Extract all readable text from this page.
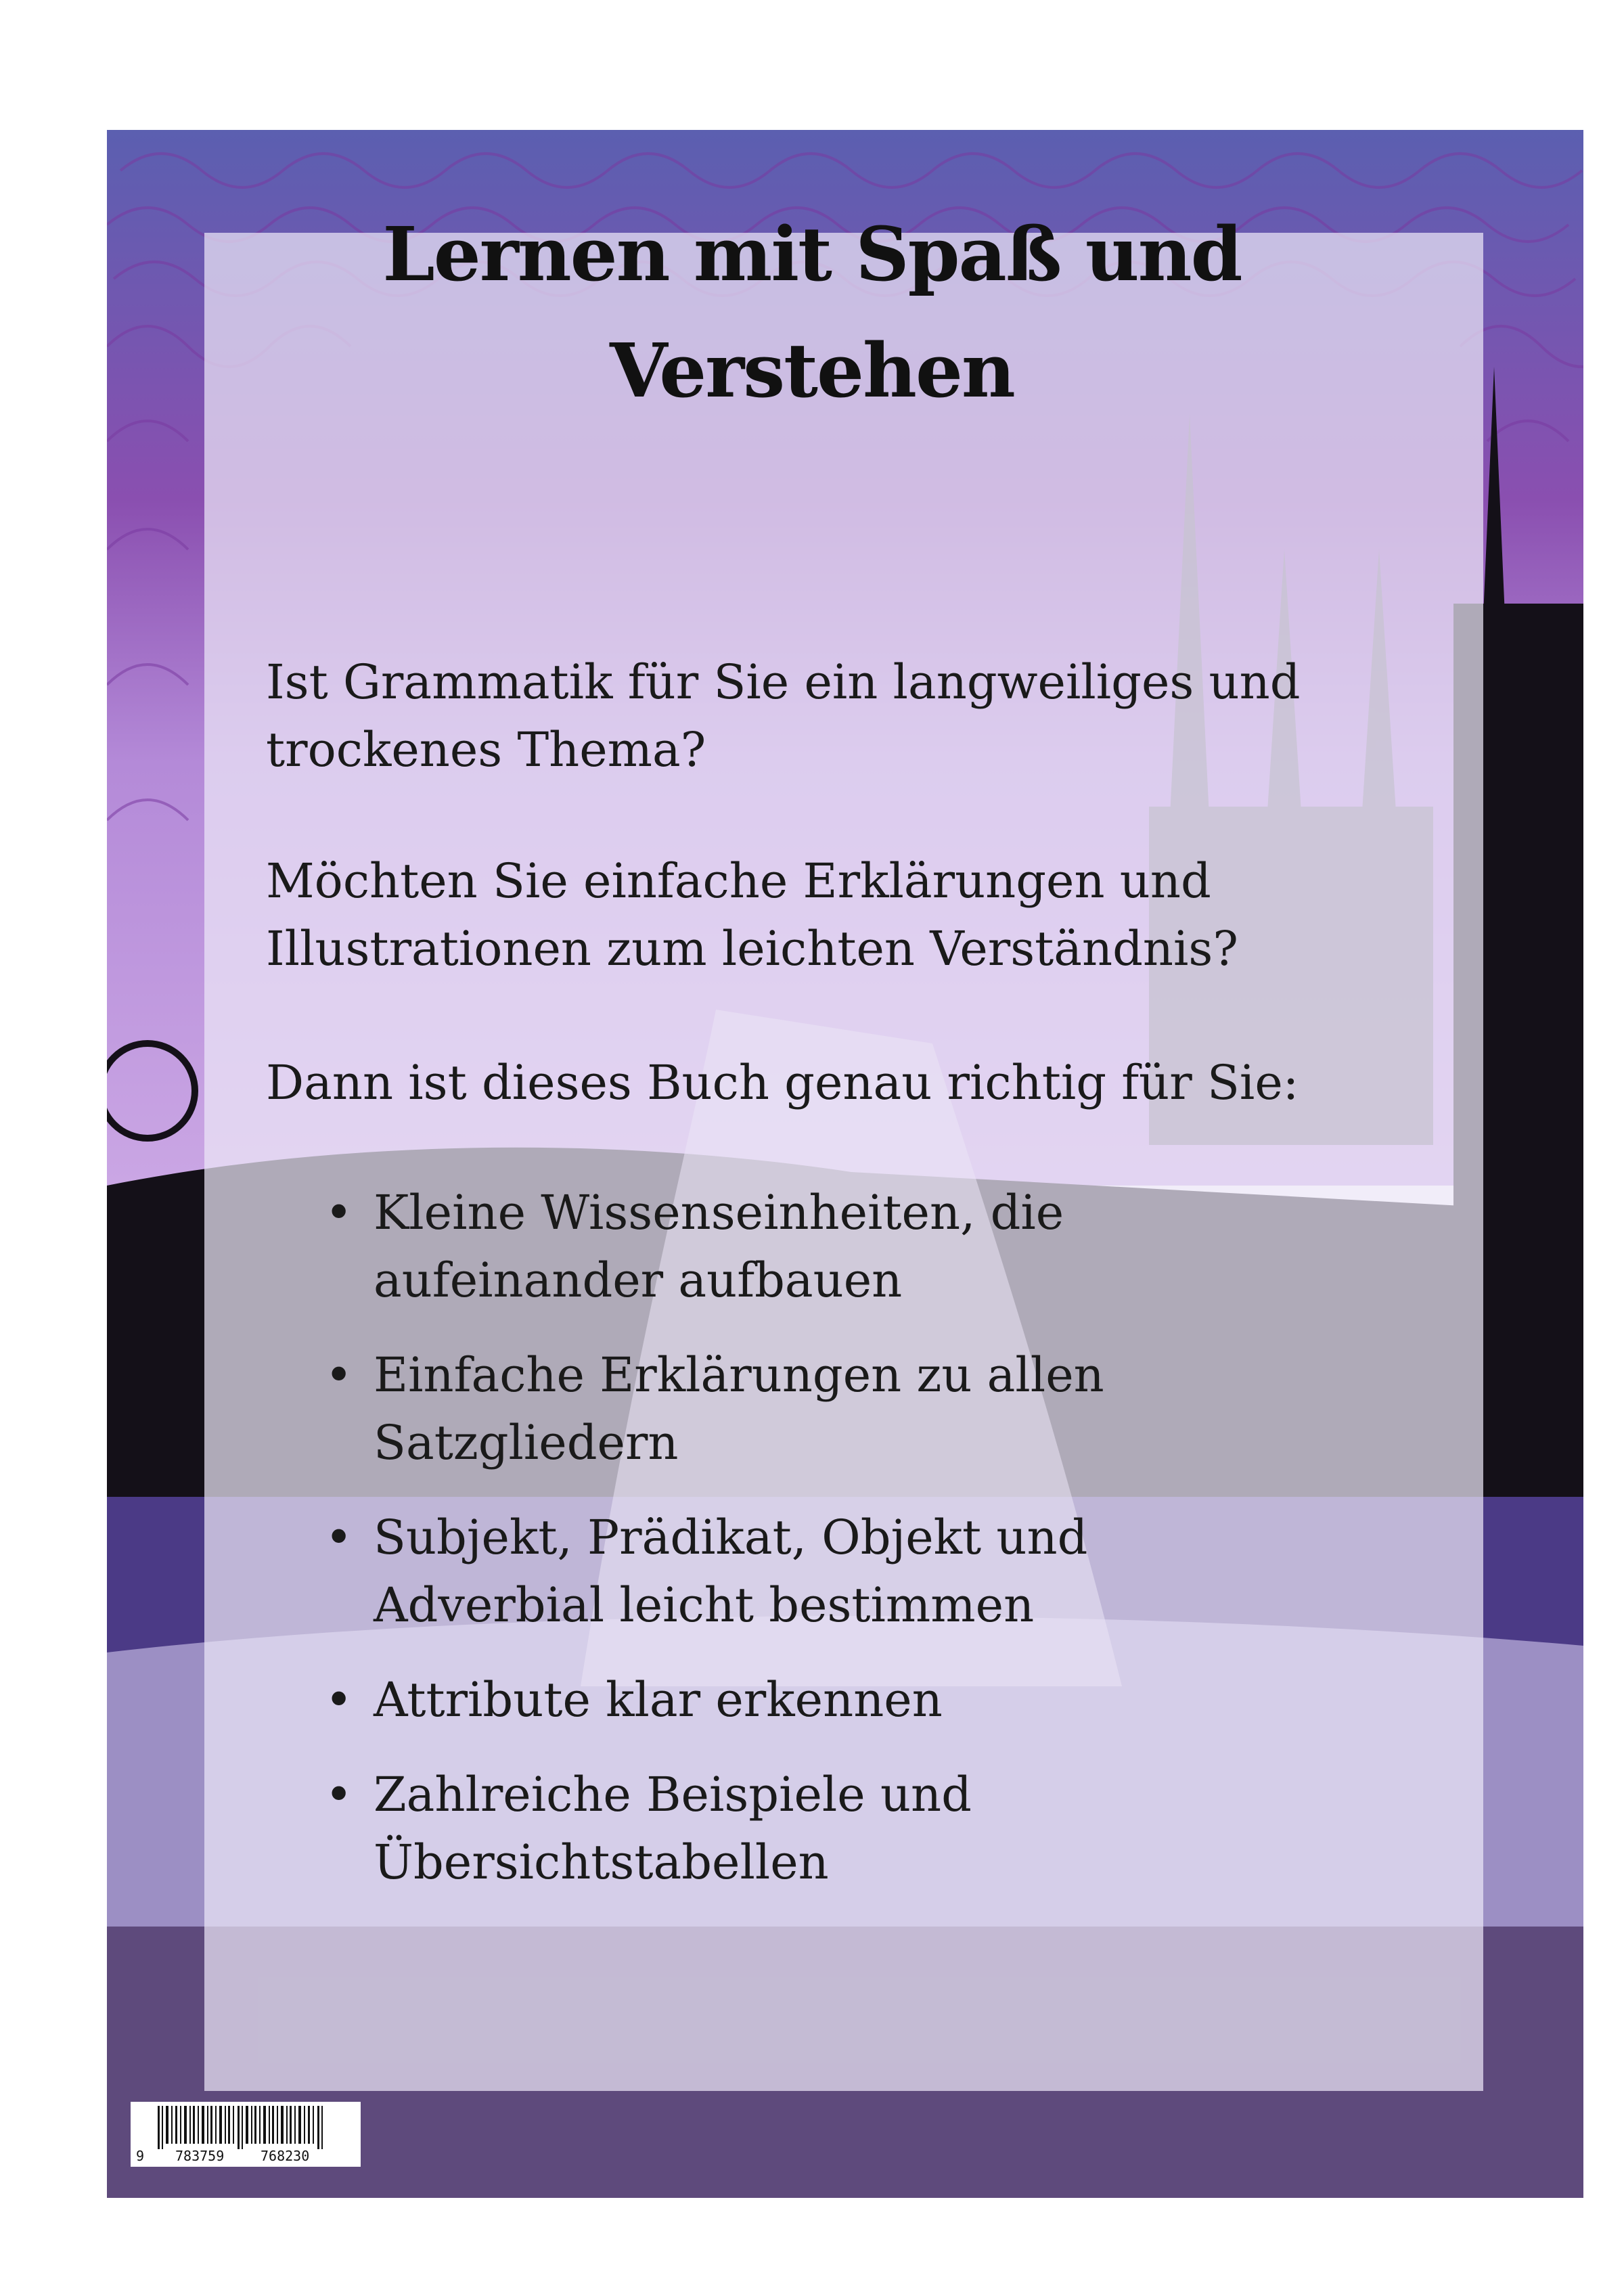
Lernen mit Spaß und
Verstehen
Ist Grammatik für Sie ein langweiliges und
trockenes Thema?
Möchten Sie einfache Erklärungen und
Illustrationen zum leichten Verständnis?
Dann ist dieses Buch genau richtig für Sie:
• Kleine Wissenseinheiten, die
aufeinander aufbauen
• Einfache Erklärungen zu allen
Satzgliedern
• Subjekt, Prädikat, Objekt und
Adverbial leicht bestimmen
• Attribute klar erkennen
• Zahlreiche Beispiele und
Übersichtstabellen
9 783759	768230
